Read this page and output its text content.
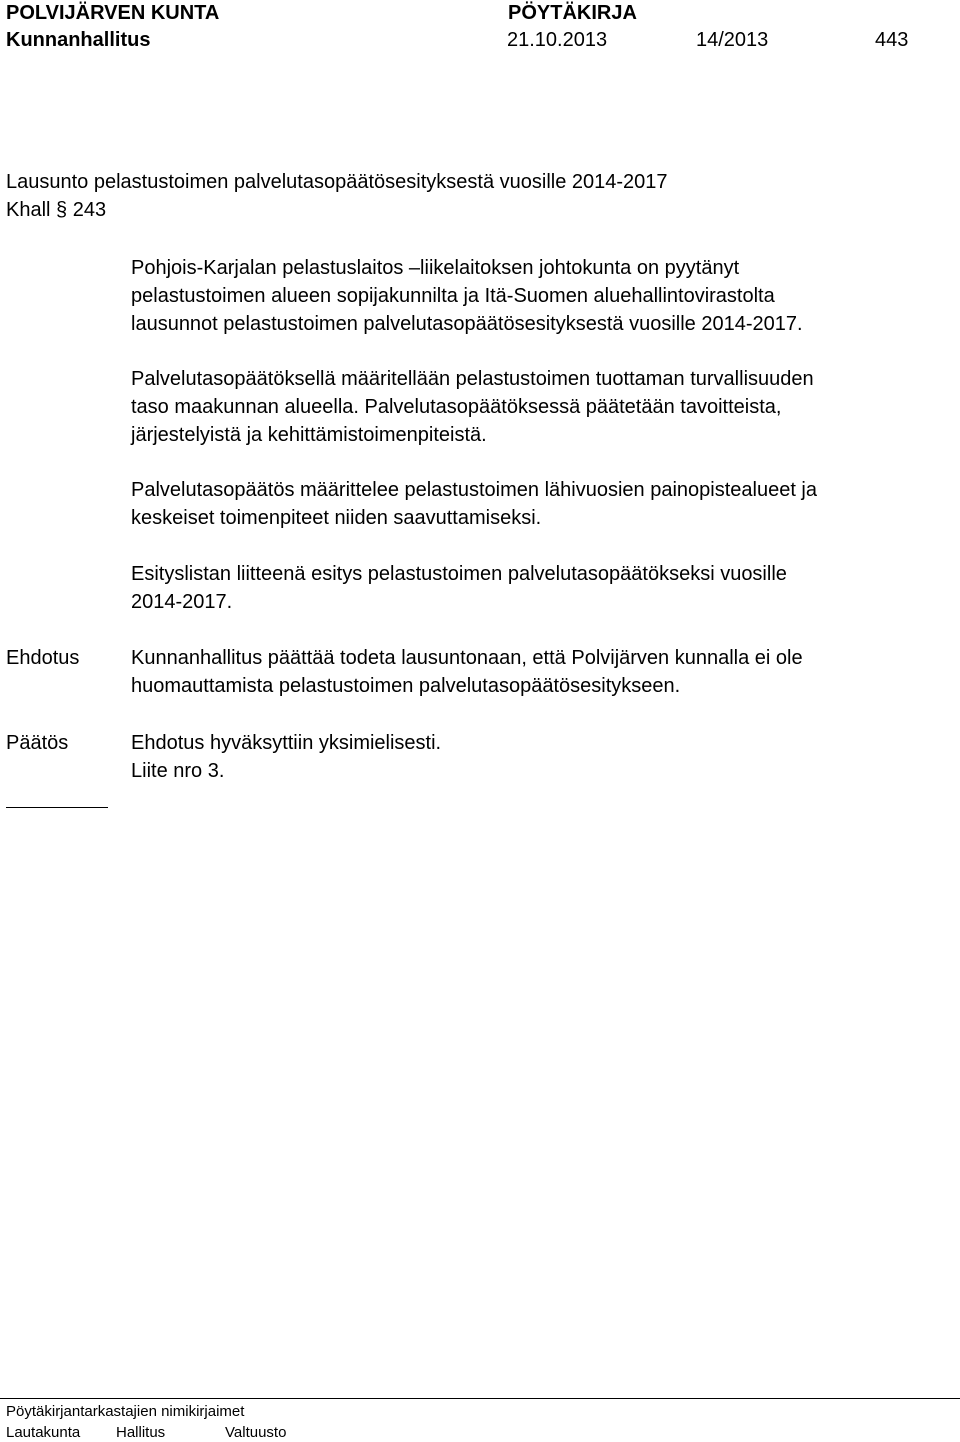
POLVIJÄRVEN KUNTA	PÖYTÄKIRJA
Kunnanhallitus	21.10.2013	14/2013	443
Lausunto pelastustoimen palvelutasopäätösesityksestä vuosille 2014-2017
Khall § 243

Pohjois-Karjalan pelastuslaitos –liikelaitoksen johtokunta on pyytänyt

pelastustoimen alueen sopijakunnilta ja Itä-Suomen aluehallintovirastolta

lausunnot pelastustoimen palvelutasopäätösesityksestä vuosille 2014-2017.

Palvelutasopäätöksellä määritellään pelastustoimen tuottaman turvallisuuden

taso maakunnan alueella. Palvelutasopäätöksessä päätetään tavoitteista,

järjestelyistä ja kehittämistoimenpiteistä.

Palvelutasopäätös määrittelee pelastustoimen lähivuosien painopistealueet ja

keskeiset toimenpiteet niiden saavuttamiseksi.

Esityslistan liitteenä esitys pelastustoimen palvelutasopäätökseksi vuosille

2014-2017.

Ehdotus	Kunnanhallitus päättää todeta lausuntonaan, että Polvijärven kunnalla ei ole

huomauttamista pelastustoimen palvelutasopäätösesitykseen.

Päätös	Ehdotus hyväksyttiin yksimielisesti.

Liite nro 3.

Pöytäkirjantarkastajien nimikirjaimet
Lautakunta Hallitus	Valtuusto
